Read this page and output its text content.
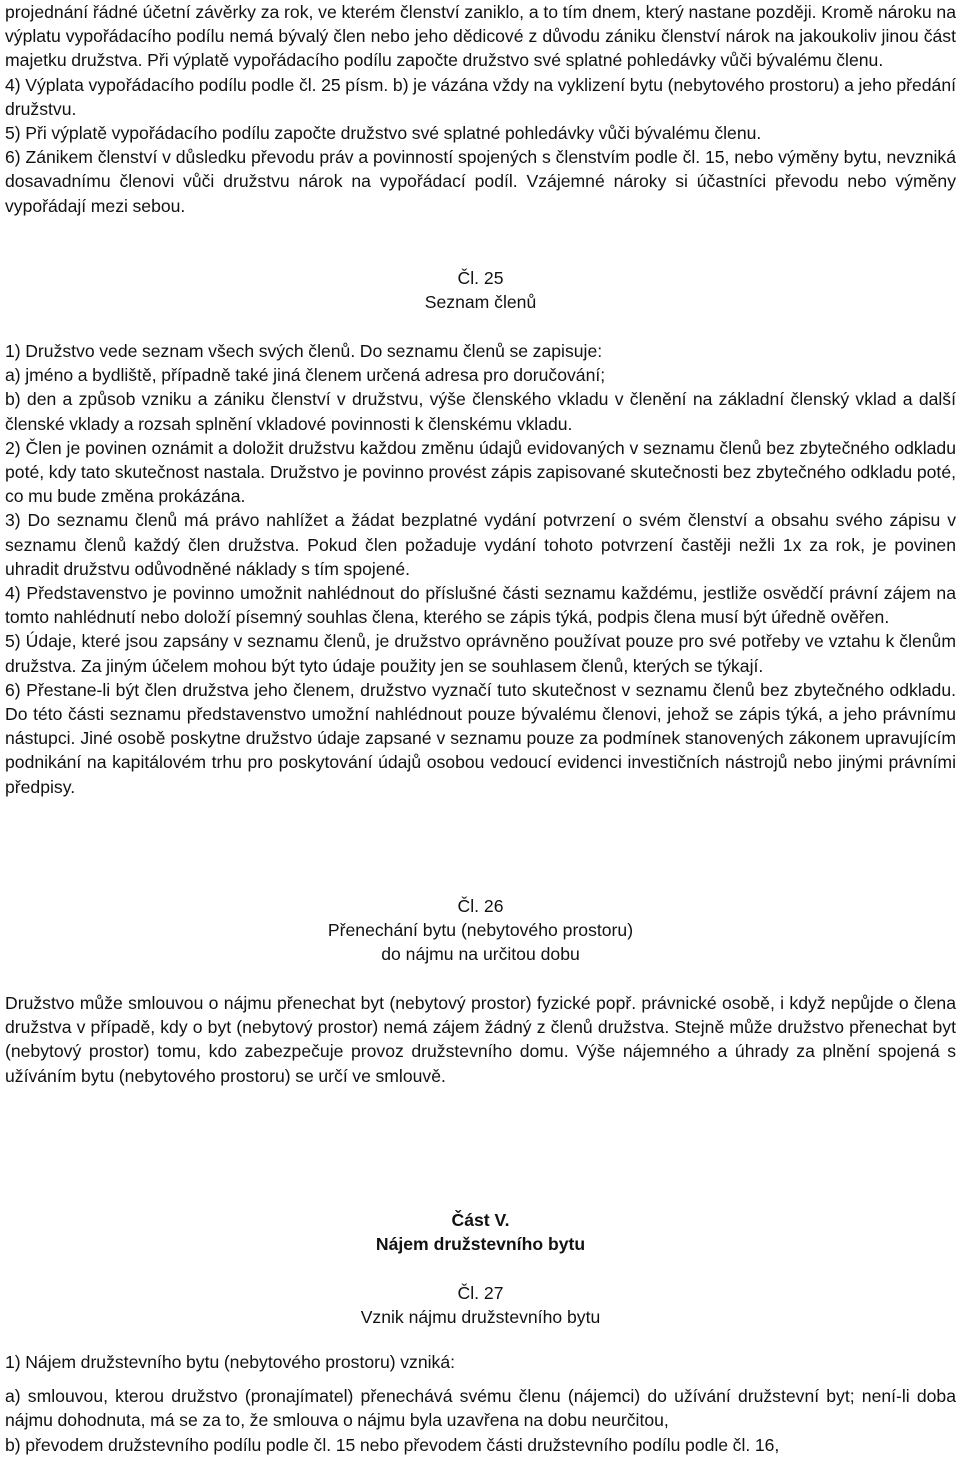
projednání řádné účetní závěrky za rok, ve kterém členství zaniklo, a to tím dnem, který nastane později. Kromě nároku na výplatu vypořádacího podílu nemá bývalý člen nebo jeho dědicové z důvodu zániku členství nárok na jakoukoliv jinou část majetku družstva. Při výplatě vypořádacího podílu započte družstvo své splatné pohledávky vůči bývalému členu.

4) Výplata vypořádacího podílu podle čl. 25 písm. b) je vázána vždy na vyklizení bytu (nebytového prostoru) a jeho předání družstvu.

5) Při výplatě vypořádacího podílu započte družstvo své splatné pohledávky vůči bývalému členu.

6) Zánikem členství v důsledku převodu práv a povinností spojených s členstvím podle čl. 15, nebo výměny bytu, nevzniká dosavadnímu členovi vůči družstvu nárok na vypořádací podíl. Vzájemné nároky si účastníci převodu nebo výměny vypořádají mezi sebou.

Čl. 25

Seznam členů

1) Družstvo vede seznam všech svých členů. Do seznamu členů se zapisuje:

a) jméno a bydliště, případně také jiná členem určená adresa pro doručování;

b) den a způsob vzniku a zániku členství v družstvu, výše členského vkladu v členění na základní členský vklad a další členské vklady a rozsah splnění vkladové povinnosti k členskému vkladu.

2) Člen je povinen oznámit a doložit družstvu každou změnu údajů evidovaných v seznamu členů bez zbytečného odkladu poté, kdy tato skutečnost nastala. Družstvo je povinno provést zápis zapisované skutečnosti bez zbytečného odkladu poté, co mu bude změna prokázána.

3) Do seznamu členů má právo nahlížet a žádat bezplatné vydání potvrzení o svém členství a obsahu svého zápisu v seznamu členů každý člen družstva. Pokud člen požaduje vydání tohoto potvrzení častěji nežli 1x za rok, je povinen uhradit družstvu odůvodněné náklady s tím spojené.

4) Představenstvo je povinno umožnit nahlédnout do příslušné části seznamu každému, jestliže osvědčí právní zájem na tomto nahlédnutí nebo doloží písemný souhlas člena, kterého se zápis týká, podpis člena musí být úředně ověřen.

5) Údaje, které jsou zapsány v seznamu členů, je družstvo oprávněno používat pouze pro své potřeby ve vztahu k členům družstva. Za jiným účelem mohou být tyto údaje použity jen se souhlasem členů, kterých se týkají.

6) Přestane-li být člen družstva jeho členem, družstvo vyznačí tuto skutečnost v seznamu členů bez zbytečného odkladu. Do této části seznamu představenstvo umožní nahlédnout pouze bývalému členovi, jehož se zápis týká, a jeho právnímu nástupci. Jiné osobě poskytne družstvo údaje zapsané v seznamu pouze za podmínek stanovených zákonem upravujícím podnikání na kapitálovém trhu pro poskytování údajů osobou vedoucí evidenci investičních nástrojů nebo jinými právními předpisy.

Čl. 26

Přenechání bytu (nebytového prostoru)

do nájmu na určitou dobu

Družstvo může smlouvou o nájmu přenechat byt (nebytový prostor) fyzické popř. právnické osobě, i když nepůjde o člena družstva v případě, kdy o byt (nebytový prostor) nemá zájem žádný z členů družstva. Stejně může družstvo přenechat byt (nebytový prostor) tomu, kdo zabezpečuje provoz družstevního domu. Výše nájemného a úhrady za plnění spojená s užíváním bytu (nebytového prostoru) se určí ve smlouvě.

Část V.

Nájem družstevního bytu

Čl. 27

Vznik nájmu družstevního bytu

1) Nájem družstevního bytu (nebytového prostoru) vzniká:

a) smlouvou, kterou družstvo (pronajímatel) přenechává svému členu (nájemci) do užívání družstevní byt; není-li doba nájmu dohodnuta, má se za to, že smlouva o nájmu byla uzavřena na dobu neurčitou,

b) převodem družstevního podílu podle čl. 15 nebo převodem části družstevního podílu podle čl. 16,
